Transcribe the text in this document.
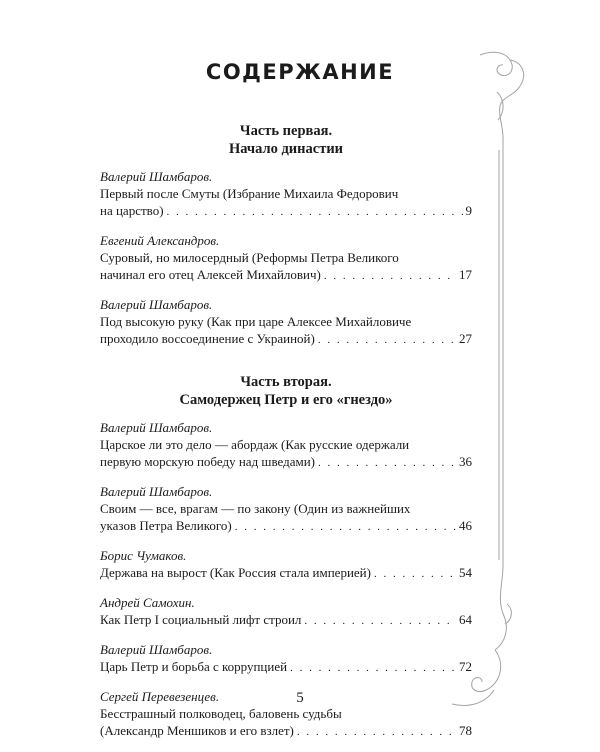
СОДЕРЖАНИЕ
Часть первая.
Начало династии
Валерий Шамбаров.
Первый после Смуты (Избрание Михаила Федорович
на царство) . . .	9
Евгений Александров.
Суровый, но милосердный (Реформы Петра Великого
начинал его отец Алексей Михайлович) . . .	17
Валерий Шамбаров.
Под высокую руку (Как при царе Алексее Михайловиче
проходило воссоединение с Украиной) . . .	27
Часть вторая.
Самодержец Петр и его «гнездо»
Валерий Шамбаров.
Царское ли это дело — абордаж (Как русские одержали
первую морскую победу над шведами) . . .	36
Валерий Шамбаров.
Своим — все, врагам — по закону (Один из важнейших
указов Петра Великого) . . .	46
Борис Чумаков.
Держава на вырост (Как Россия стала империей) . . .	54
Андрей Самохин.
Как Петр I социальный лифт строил . . .	64
Валерий Шамбаров.
Царь Петр и борьба с коррупцией . . .	72
Сергей Перевезенцев.
Бесстрашный полководец, баловень судьбы
(Александр Меншиков и его взлет) . . .	78
5
